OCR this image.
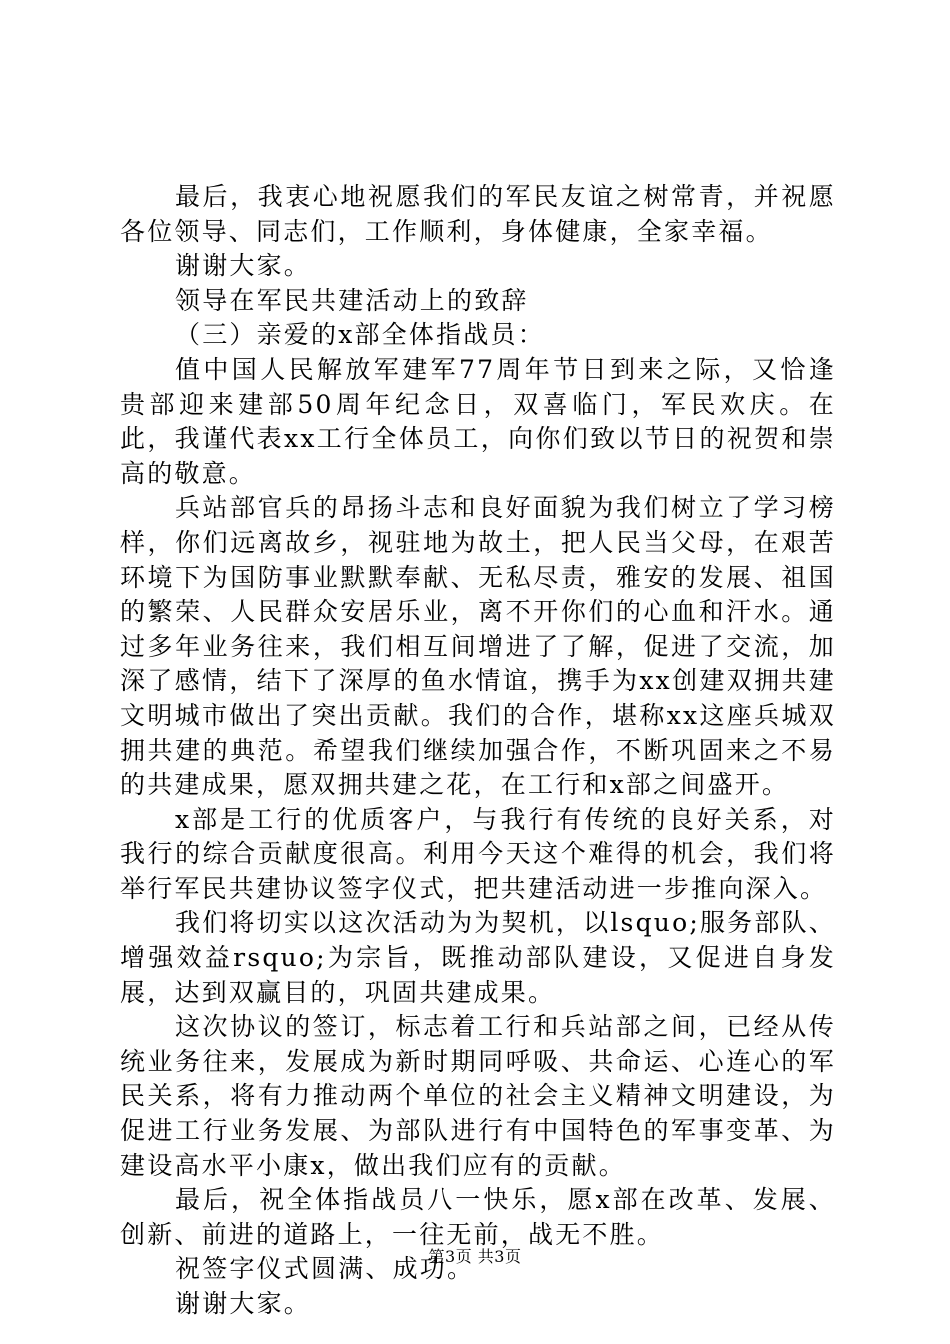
最后，我衷心地祝愿我们的军民友谊之树常青，并祝愿各位领导、同志们，工作顺利，身体健康，全家幸福。

谢谢大家。

领导在军民共建活动上的致辞

（三）亲爱的x部全体指战员：

值中国人民解放军建军77周年节日到来之际，又恰逢贵部迎来建部50周年纪念日，双喜临门，军民欢庆。在此，我谨代表xx工行全体员工，向你们致以节日的祝贺和崇高的敬意。

兵站部官兵的昂扬斗志和良好面貌为我们树立了学习榜样，你们远离故乡，视驻地为故土，把人民当父母，在艰苦环境下为国防事业默默奉献、无私尽责，雅安的发展、祖国的繁荣、人民群众安居乐业，离不开你们的心血和汗水。通过多年业务往来，我们相互间增进了了解，促进了交流，加深了感情，结下了深厚的鱼水情谊，携手为xx创建双拥共建文明城市做出了突出贡献。我们的合作，堪称xx这座兵城双拥共建的典范。希望我们继续加强合作，不断巩固来之不易的共建成果，愿双拥共建之花，在工行和x部之间盛开。

x部是工行的优质客户，与我行有传统的良好关系，对我行的综合贡献度很高。利用今天这个难得的机会，我们将举行军民共建协议签字仪式，把共建活动进一步推向深入。

我们将切实以这次活动为为契机，以lsquo;服务部队、增强效益rsquo;为宗旨，既推动部队建设，又促进自身发展，达到双赢目的，巩固共建成果。

这次协议的签订，标志着工行和兵站部之间，已经从传统业务往来，发展成为新时期同呼吸、共命运、心连心的军民关系，将有力推动两个单位的社会主义精神文明建设，为促进工行业务发展、为部队进行有中国特色的军事变革、为建设高水平小康x，做出我们应有的贡献。

最后，祝全体指战员八一快乐，愿x部在改革、发展、创新、前进的道路上，一往无前，战无不胜。

祝签字仪式圆满、成功。

谢谢大家。

第3页 共3页
